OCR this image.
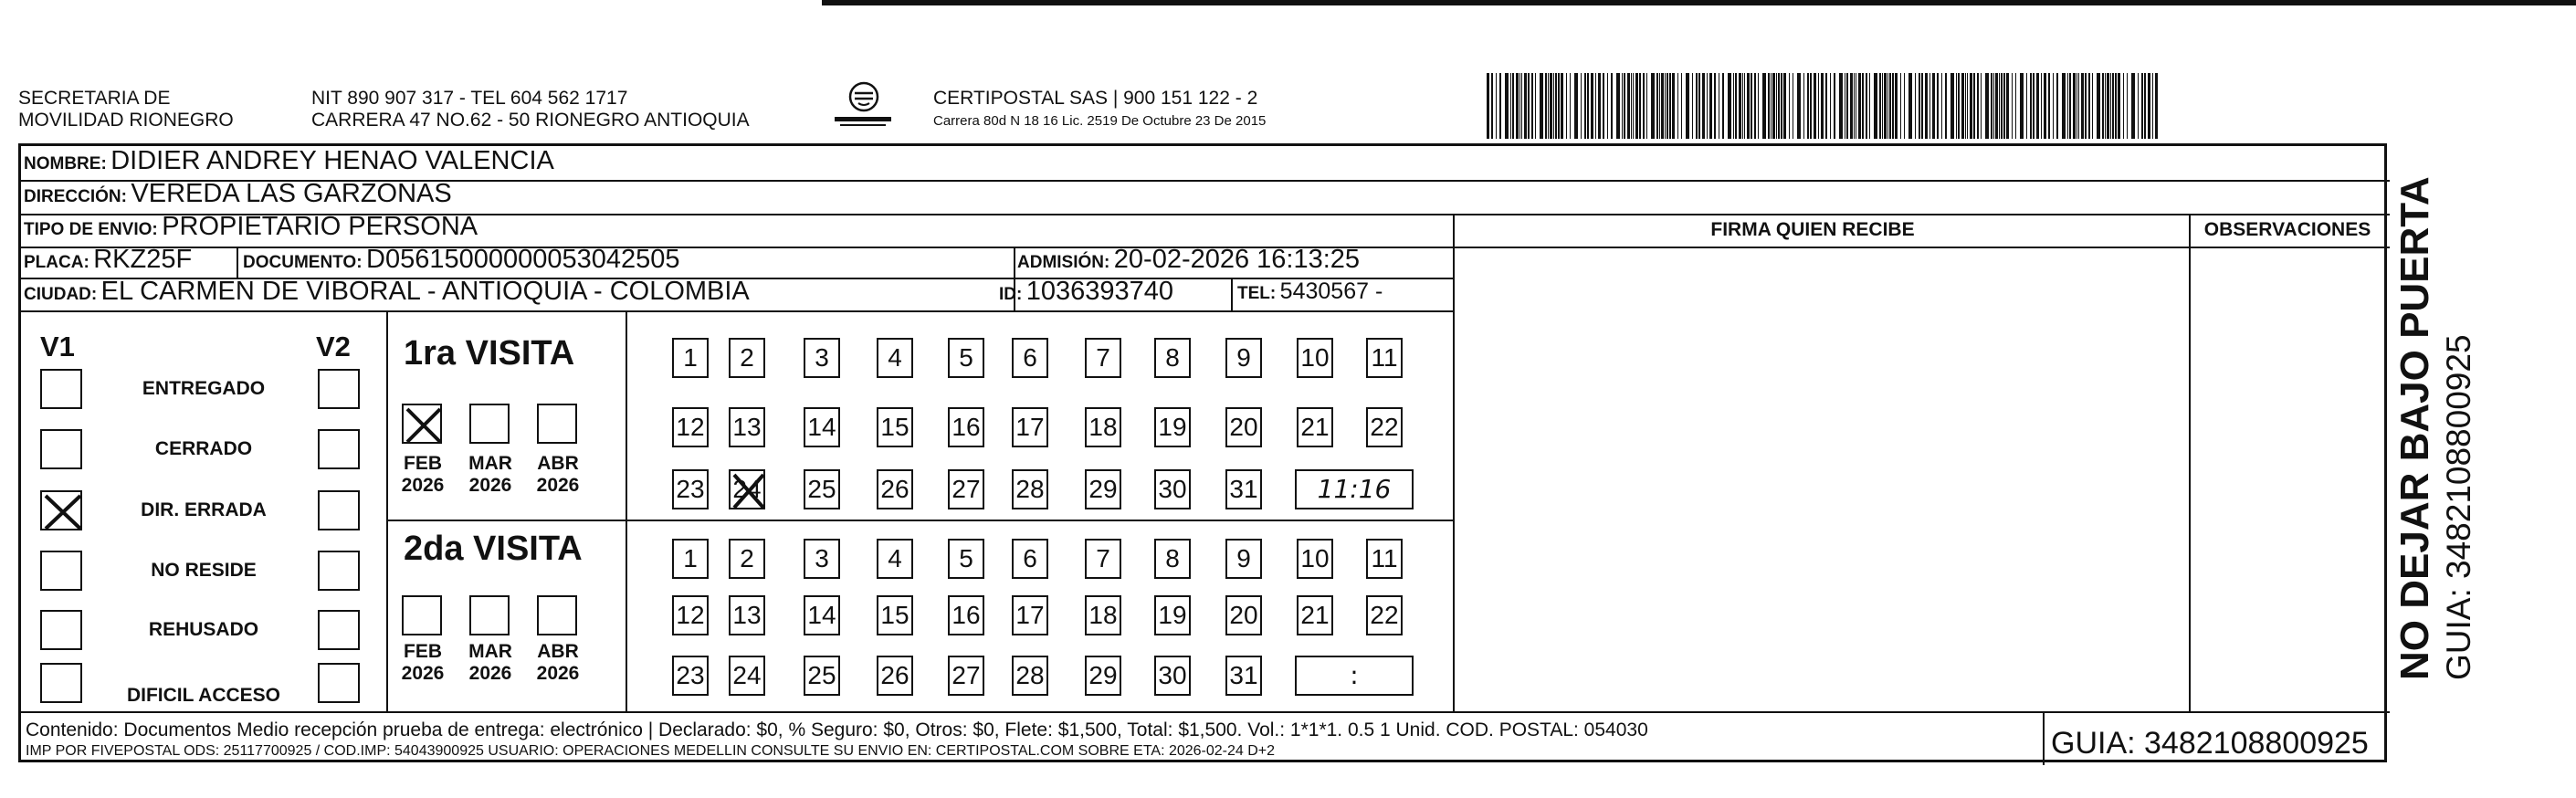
SECRETARIA DE
MOVILIDAD RIONEGRO
NIT 890 907 317 - TEL 604 562 1717
CARRERA 47 NO.62 - 50 RIONEGRO ANTIOQUIA
CERTIPOSTAL SAS | 900 151 122 - 2
Carrera 80d N 18 16 Lic. 2519 De Octubre 23 De 2015
NOMBRE: DIDIER ANDREY HENAO VALENCIA
DIRECCIÓN: VEREDA LAS GARZONAS
TIPO DE ENVIO: PROPIETARIO PERSONA	FIRMA QUIEN RECIBE	OBSERVACIONES
PLACA: RKZ25F	DOCUMENTO: D05615000000053042505	ADMISIÓN: 20-02-2026 16:13:25
CIUDAD: EL CARMEN DE VIBORAL - ANTIOQUIA - COLOMBIA	ID: 1036393740	TEL: 5430567 -
V1	V2
ENTREGADO
CERRADO
DIR. ERRADA
NO RESIDE
REHUSADO
DIFICIL ACCESO
1ra VISITA
FEB
2026
MAR
2026
ABR
2026
1	2	3	4	5	6	7	8	9	10 11
12 13 14 15 16 17 18 19 20 21 22
23 24 25 26 27 28 29 30 31	11:16
2da VISITA
FEB
2026
MAR
2026
ABR
2026
1	2	3	4	5	6	7	8	9	10 11
12 13 14 15 16 17 18 19 20 21 22
23 24 25 26 27 28 29 30 31	:
Contenido: Documentos Medio recepción prueba de entrega: electrónico | Declarado: $0, % Seguro: $0, Otros: $0, Flete: $1,500, Total: $1,500. Vol.: 1*1*1. 0.5 1 Unid. COD. POSTAL: 054030
IMP POR FIVEPOSTAL ODS: 25117700925 / COD.IMP: 54043900925 USUARIO: OPERACIONES MEDELLIN CONSULTE SU ENVIO EN: CERTIPOSTAL.COM SOBRE ETA: 2026-02-24 D+2	GUIA: 3482108800925
NO DEJAR BAJO PUERTA GUIA: 3482108800925
